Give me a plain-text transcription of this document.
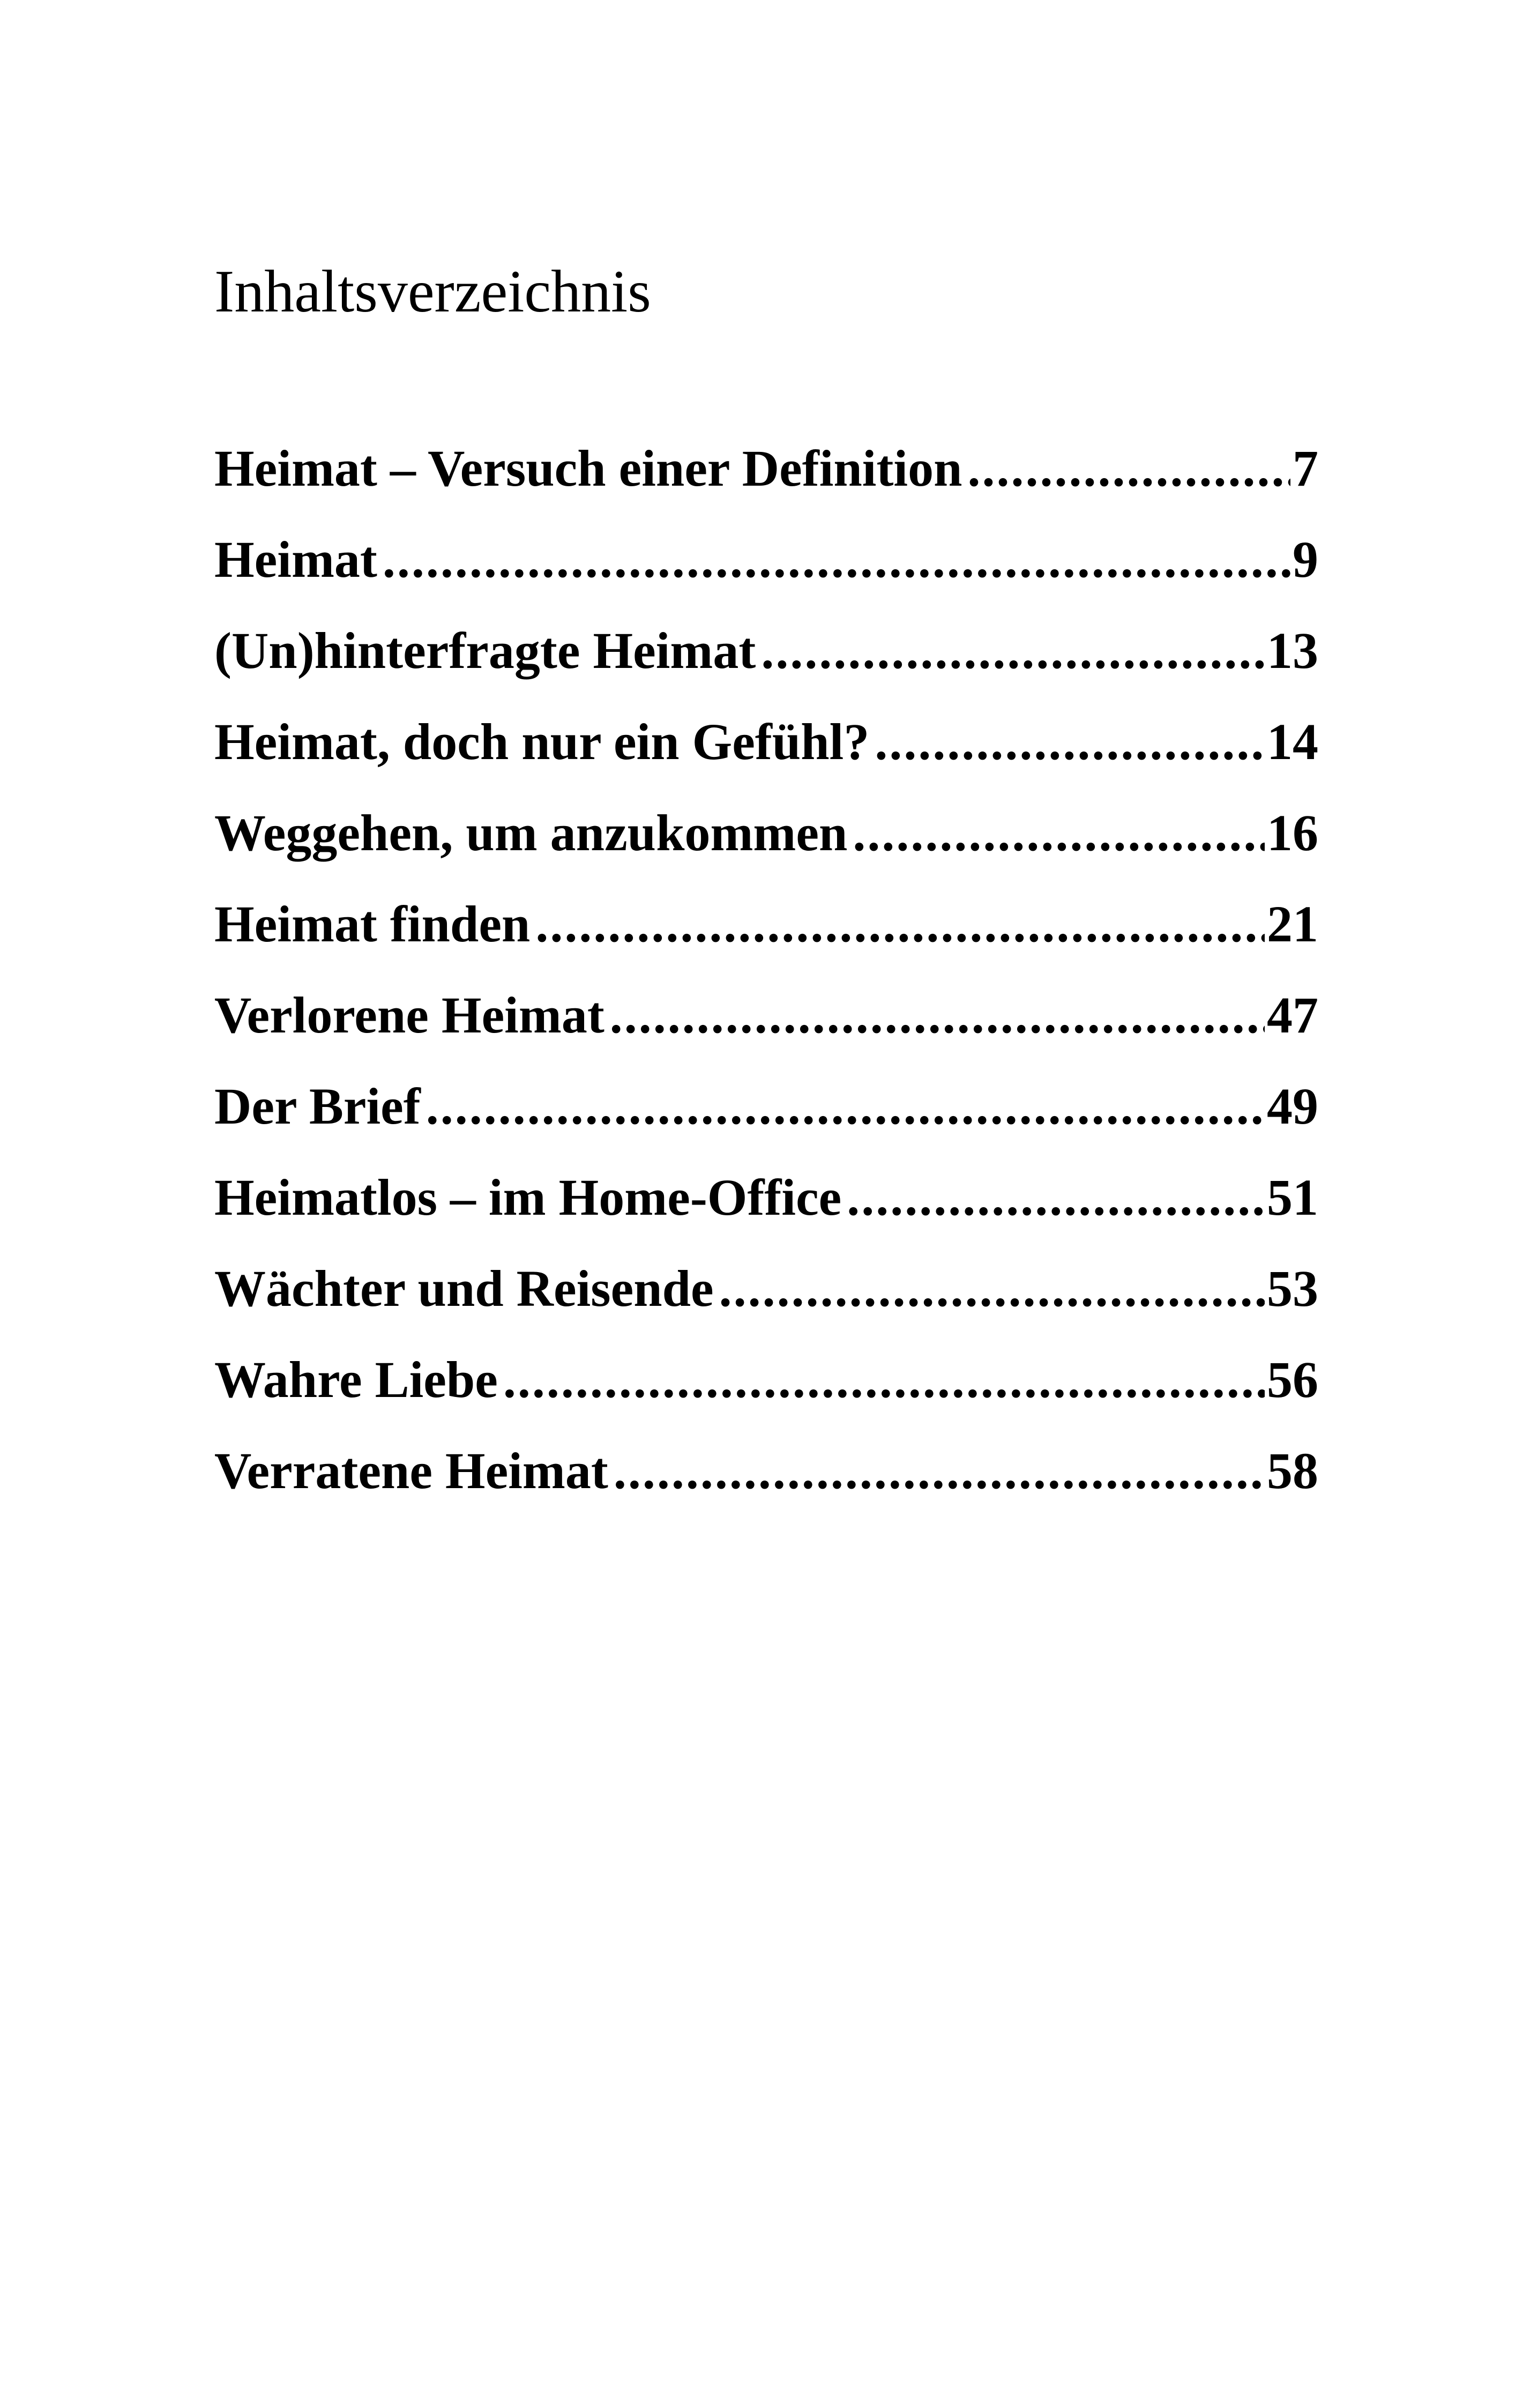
Inhaltsverzeichnis
Heimat – Versuch einer Definition .....	7
Heimat .....	9
(Un)hinterfragte Heimat .....	13
Heimat, doch nur ein Gefühl? .....	14
Weggehen, um anzukommen .....	16
Heimat finden .....	21
Verlorene Heimat .....	47
Der Brief .....	49
Heimatlos – im Home-Office .....	51
Wächter und Reisende .....	53
Wahre Liebe .....	56
Verratene Heimat .....	58
